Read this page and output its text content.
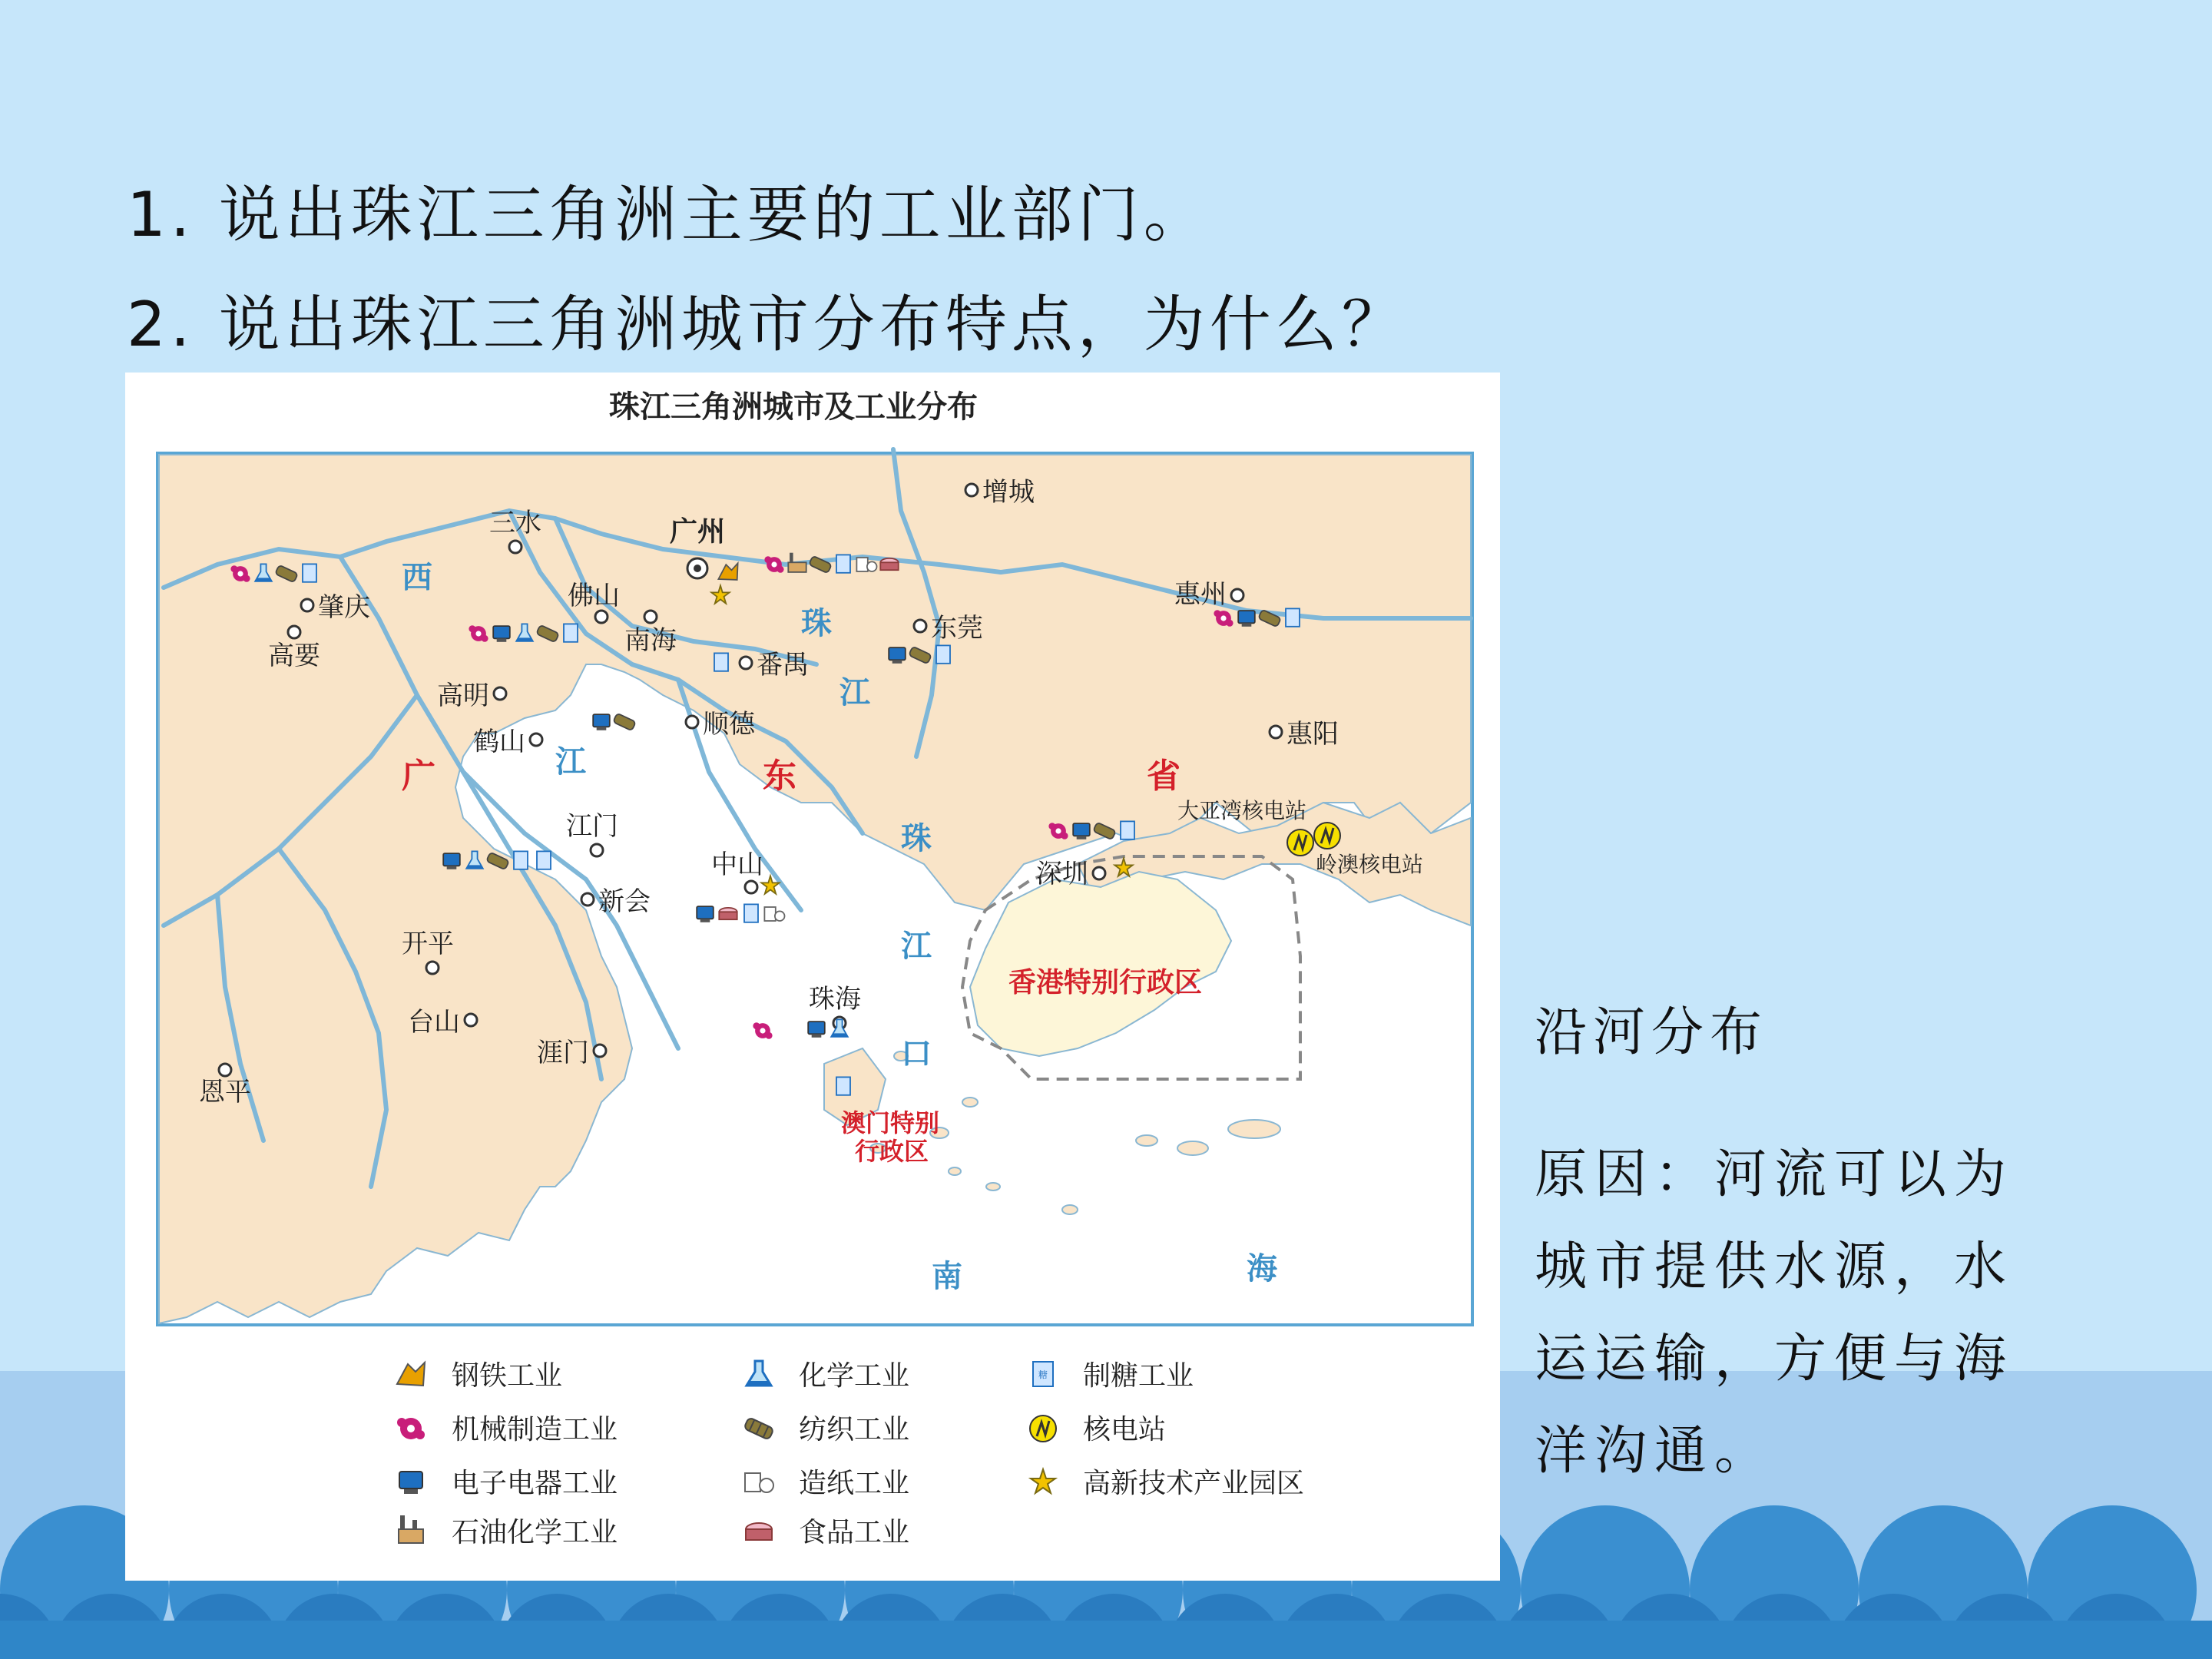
1. 说出珠江三角洲主要的工业部门。
2. 说出珠江三角洲城市分布特点，为什么？
珠江三角洲城市及工业分布
广	东	省
香港特别行政区
澳门特别
行政区
西
江
珠
江
珠
江
口
南	海
增城
三水	广州
肇庆
高要
佛山
南海	东莞
番禺
惠州
高明
鹤山
顺德	惠阳
江门
中山	深圳
新会
开平
台山
珠海
涯门
恩平
大亚湾核电站
岭澳核电站
钢铁工业
机械制造工业
电子电器工业
石油化学工业
化学工业
纺织工业
造纸工业
食品工业
制糖工业
核电站
高新技术产业园区
糖
沿河分布
原因：河流可以为城市提供水源，水运运输，方便与海洋沟通。
